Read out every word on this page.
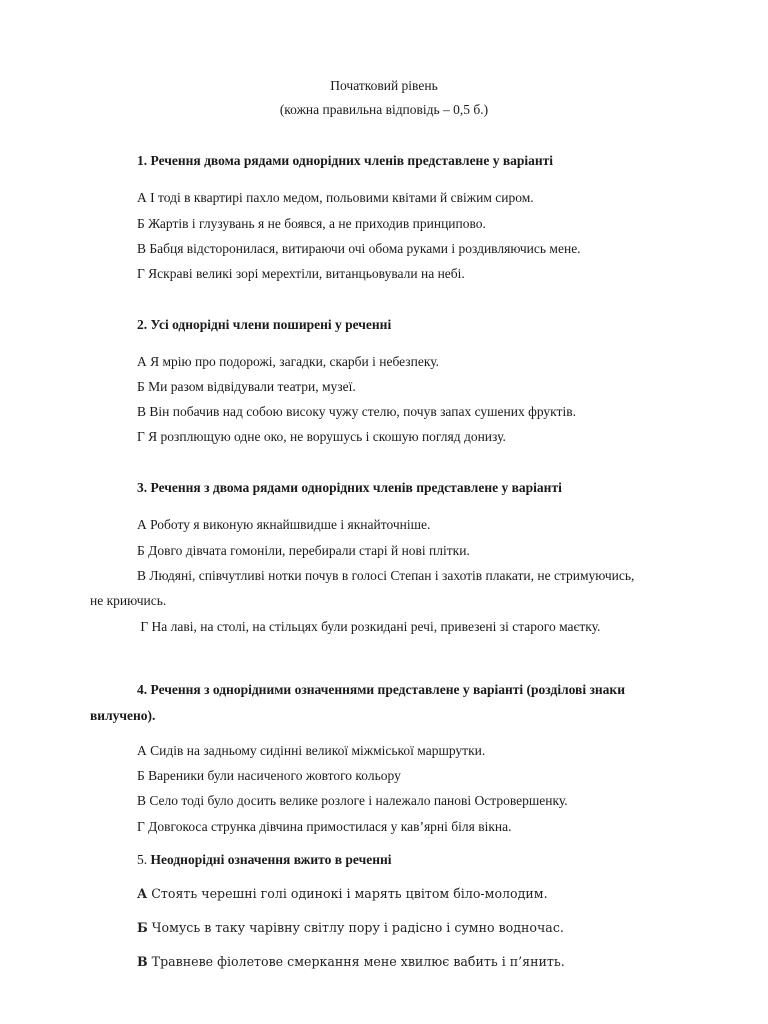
Початковий рівень
(кожна правильна відповідь – 0,5 б.)
1. Речення двома рядами однорідних членів представлене у варіанті
А І тоді в квартирі пахло медом, польовими квітами й свіжим сиром.
Б Жартів і глузувань я не боявся, а не приходив принципово.
В Бабця відсторонилася, витираючи очі обома руками і роздивляючись мене.
Г Яскраві великі зорі мерехтіли, витанцьовували на небі.
2. Усі однорідні члени поширені у реченні
А Я мрію про подорожі, загадки, скарби і небезпеку.
Б Ми разом відвідували театри, музеї.
В Він побачив над собою високу чужу стелю, почув запах сушених фруктів.
Г Я розплющую одне око, не ворушусь і скошую погляд донизу.
3. Речення з двома рядами однорідних членів представлене у варіанті
А Роботу я виконую якнайшвидше і якнайточніше.
Б Довго дівчата гомоніли, перебирали старі й нові плітки.
В Людяні, співчутливі нотки почув в голосі Степан і захотів плакати, не стримуючись,
не криючись.
Г На лаві, на столі, на стільцях були розкидані речі, привезені зі старого маєтку.
4. Речення з однорідними означеннями представлене у варіанті (розділові знаки
вилучено).
А Сидів на задньому сидінні великої міжміської маршрутки.
Б Вареники були насиченого жовтого кольору
В Село тоді було досить велике розлоге і належало панові Островершенку.
Г Довгокоса струнка дівчина примостилася у кав’ярні біля вікна.
5. Неоднорідні означення вжито в реченні
А Стоять черешні голі одинокі і марять цвітом біло-молодим.
Б Чомусь в таку чарівну світлу пору і радісно і сумно водночас.
В Травневе фіолетове смеркання мене хвилює вабить і п’янить.
